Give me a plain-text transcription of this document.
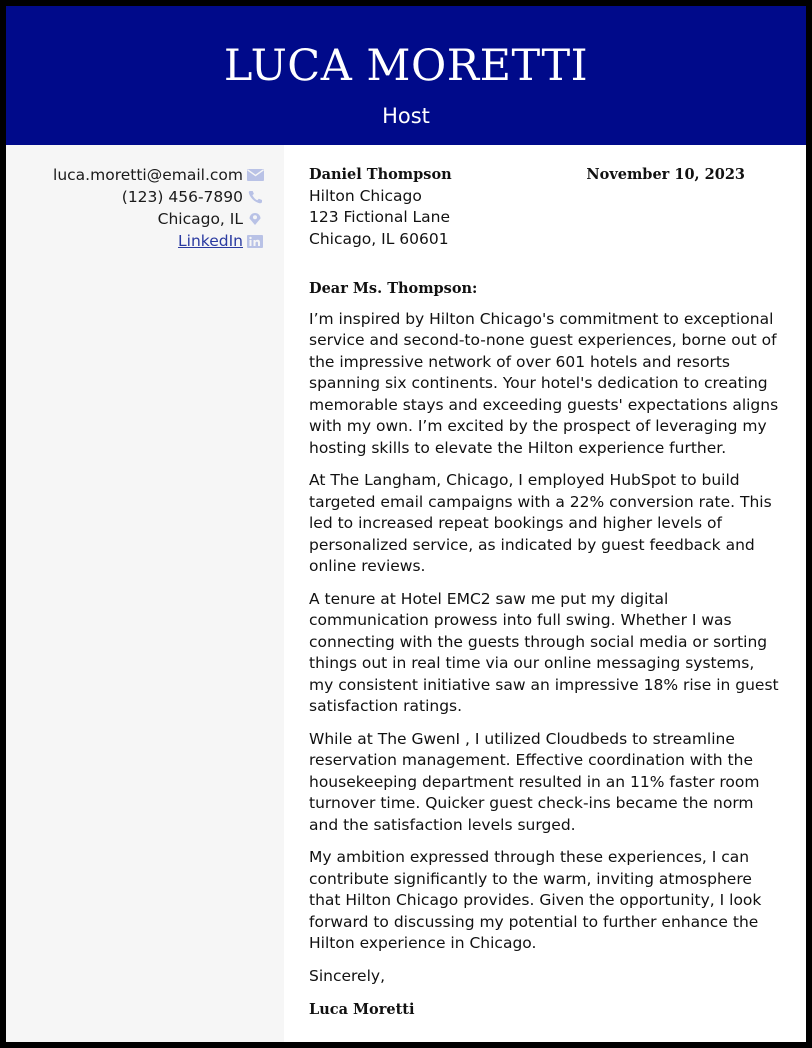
LUCA MORETTI
Host
luca.moretti@email.com
(123) 456-7890
Chicago, IL
LinkedIn
Daniel Thompson	November 10, 2023
Hilton Chicago
123 Fictional Lane
Chicago, IL 60601
Dear Ms. Thompson:

I’m inspired by Hilton Chicago's commitment to exceptional service and second-to-none guest experiences, borne out of the impressive network of over 601 hotels and resorts spanning six continents. Your hotel's dedication to creating memorable stays and exceeding guests' expectations aligns with my own. I’m excited by the prospect of leveraging my hosting skills to elevate the Hilton experience further.

At The Langham, Chicago, I employed HubSpot to build targeted email campaigns with a 22% conversion rate. This led to increased repeat bookings and higher levels of personalized service, as indicated by guest feedback and online reviews.

A tenure at Hotel EMC2 saw me put my digital communication prowess into full swing. Whether I was connecting with the guests through social media or sorting things out in real time via our online messaging systems, my consistent initiative saw an impressive 18% rise in guest satisfaction ratings.

While at The GwenI , I utilized Cloudbeds to streamline reservation management. Effective coordination with the housekeeping department resulted in an 11% faster room turnover time. Quicker guest check-ins became the norm and the satisfaction levels surged.

My ambition expressed through these experiences, I can contribute significantly to the warm, inviting atmosphere that Hilton Chicago provides. Given the opportunity, I look forward to discussing my potential to further enhance the Hilton experience in Chicago.

Sincerely,
Luca Moretti
